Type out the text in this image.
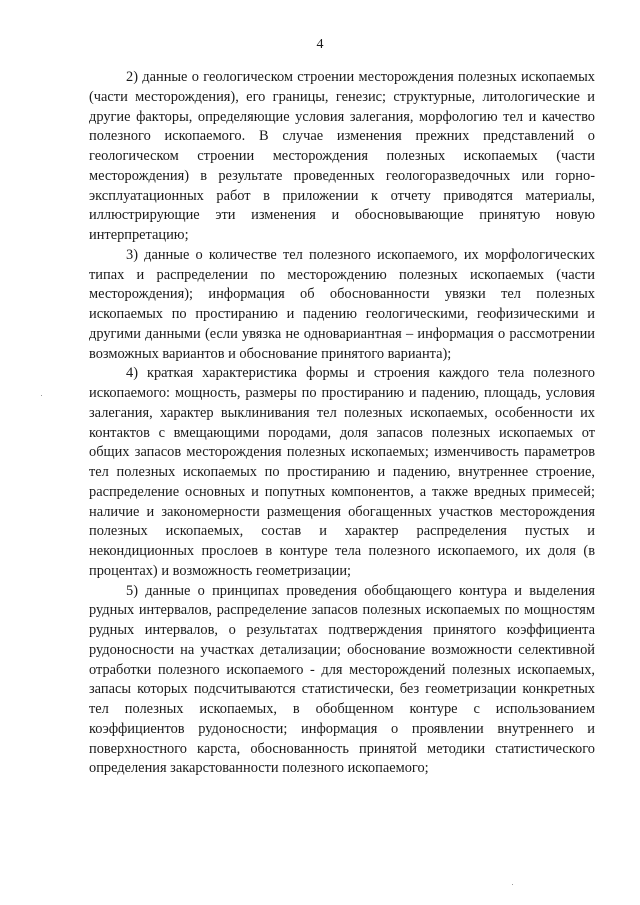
4

2) данные о геологическом строении месторождения полезных ископаемых (части месторождения), его границы, генезис; структурные, литологические и другие факторы, определяющие условия залегания, морфологию тел и качество полезного ископаемого. В случае изменения прежних представлений о геологическом строении месторождения полезных ископаемых (части месторождения) в результате проведенных геологоразведочных или горно-эксплуатационных работ в приложении к отчету приводятся материалы, иллюстрирующие эти изменения и обосновывающие принятую новую интерпретацию;

3) данные о количестве тел полезного ископаемого, их морфологических типах и распределении по месторождению полезных ископаемых (части месторождения); информация об обоснованности увязки тел полезных ископаемых по простиранию и падению геологическими, геофизическими и другими данными (если увязка не одновариантная – информация о рассмотрении возможных вариантов и обоснование принятого варианта);

4) краткая характеристика формы и строения каждого тела полезного ископаемого: мощность, размеры по простиранию и падению, площадь, условия залегания, характер выклинивания тел полезных ископаемых, особенности их контактов с вмещающими породами, доля запасов полезных ископаемых от общих запасов месторождения полезных ископаемых; изменчивость параметров тел полезных ископаемых по простиранию и падению, внутреннее строение, распределение основных и попутных компонентов, а также вредных примесей; наличие и закономерности размещения обогащенных участков месторождения полезных ископаемых, состав и характер распределения пустых и некондиционных прослоев в контуре тела полезного ископаемого, их доля (в процентах) и возможность геометризации;

5) данные о принципах проведения обобщающего контура и выделения рудных интервалов, распределение запасов полезных ископаемых по мощностям рудных интервалов, о результатах подтверждения принятого коэффициента рудоносности на участках детализации; обоснование возможности селективной отработки полезного ископаемого - для месторождений полезных ископаемых, запасы которых подсчитываются статистически, без геометризации конкретных тел полезных ископаемых, в обобщенном контуре с использованием коэффициентов рудоносности; информация о проявлении внутреннего и поверхностного карста, обоснованность принятой методики статистического определения закарстованности полезного ископаемого;
